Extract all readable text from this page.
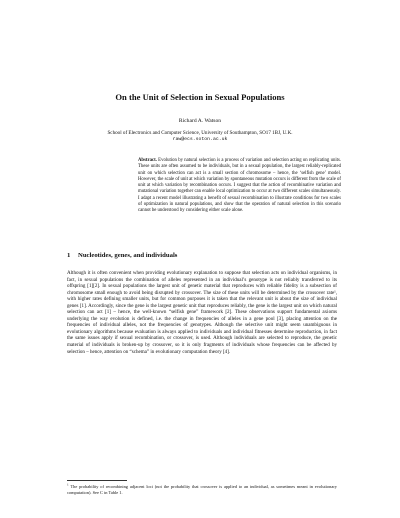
On the Unit of Selection in Sexual Populations
Richard A. Watson
School of Electronics and Computer Science, University of Southampton, SO17 1BJ, U.K.
raw@ecs.soton.ac.uk
Abstract. Evolution by natural selection is a process of variation and selection acting on replicating units. These units are often assumed to be individuals, but in a sexual population, the largest reliably-replicated unit on which selection can act is a small section of chromosome – hence, the ‘selfish gene’ model. However, the scale of unit at which variation by spontaneous mutation occurs is different from the scale of unit at which variation by recombination occurs. I suggest that the action of recombinative variation and mutational variation together can enable local optimization to occur at two different scales simultaneously. I adapt a recent model illustrating a benefit of sexual recombination to illustrate conditions for two scales of optimization in natural populations, and show that the operation of natural selection in this scenario cannot be understood by considering either scale alone.
1 Nucleotides, genes, and individuals

Although it is often convenient when providing evolutionary explanation to suppose that selection acts on individual organisms, in fact, in sexual populations the combination of alleles represented in an individual’s genotype is not reliably transferred to its offspring [1][2]. In sexual populations the largest unit of genetic material that reproduces with reliable fidelity is a subsection of chromosome small enough to avoid being disrupted by crossover. The size of these units will be determined by the crossover rate¹, with higher rates defining smaller units, but for common purposes it is taken that the relevant unit is about the size of individual genes [1]. Accordingly, since the gene is the largest genetic unit that reproduces reliably, the gene is the largest unit on which natural selection can act [1] – hence, the well-known “selfish gene” framework [2]. These observations support fundamental axioms underlying the way evolution is defined, i.e. the change in frequencies of alleles in a gene pool [3], placing attention on the frequencies of individual alleles, not the frequencies of genotypes. Although the selective unit might seem unambiguous in evolutionary algorithms because evaluation is always applied to individuals and individual fitnesses determine reproduction, in fact the same issues apply if sexual recombination, or crossover, is used. Although individuals are selected to reproduce, the genetic material of individuals is broken-up by crossover, so it is only fragments of individuals whose frequencies can be affected by selection – hence, attention on “schema” in evolutionary computation theory [4].

$^1$ The probability of recombining adjacent loci (not the probability that crossover is applied to an individual, as sometimes meant in evolutionary computation). See C in Table 1.
